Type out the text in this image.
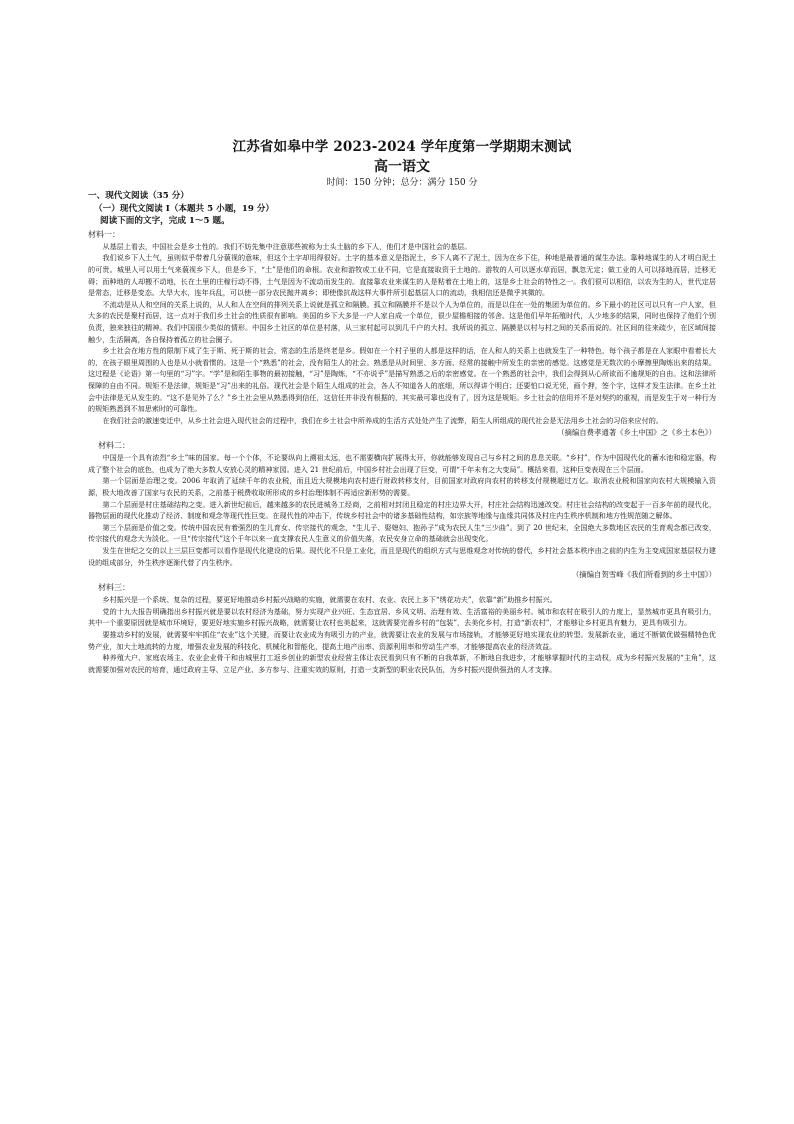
江苏省如皋中学 2023-2024 学年度第一学期期末测试
高一语文
时间：150 分钟；总分：满分 150 分
一、现代文阅读（35 分）
（一）现代文阅读 I（本题共 5 小题，19 分）
阅读下面的文字，完成 1～5 题。
材料一：

从基层上看去，中国社会是乡土性的。我们不妨先集中注意那些被称为土头土脑的乡下人，他们才是中国社会的基层。

我们说乡下人土气，虽则似乎带着几分藐视的意味，但这个土字却用得很好。土字的基本意义是指泥土，乡下人离不了泥土，因为在乡下住，种地是最普通的谋生办法。靠种地谋生的人才明白泥土的可贵。城里人可以用土气来藐视乡下人，但是乡下，“土”是他们的命根。农业和游牧或工业不同，它是直接取资于土地的。游牧的人可以逐水草而居，飘忽无定；做工业的人可以择地而居，迁移无碍；而种地的人却搬不动地，长在土里的庄稼行动不得，土气是因为不流动而发生的。直接靠农业来谋生的人是粘着在土地上的，这是乡土社会的特性之一。我们很可以相信，以农为生的人，世代定居是常态，迁移是变态。大旱大水，连年兵乱，可以使一部分农民抛井离乡；即使像抗战这样大事件所引起基层人口的流动，我相信还是微乎其微的。

不流动是从人和空间的关系上说的，从人和人在空间的排列关系上说就是孤立和隔膜。孤立和隔膜并不是以个人为单位的，而是以住在一处的集团为单位的。乡下最小的社区可以只有一户人家，但大多的农民是聚村而居，这一点对于我们乡土社会的性质很有影响。美国的乡下大多是一户人家自成一个单位，很少屋檐相接的邻舍。这是他们早年拓殖时代，人少地多的结果，同时也保持了他们个别负责，独来独往的精神。我们中国很少类似的情形。中国乡土社区的单位是村落，从三家村起可以到几千户的大村。我所说的孤立、隔膜是以村与村之间的关系而说的。社区间的往来疏少，在区域间接触少，生活隔离，各自保持着孤立的社会圈子。

乡土社会在地方性的限制下成了生于斯、死于斯的社会，常态的生活是终老是乡。假如在一个村子里的人都是这样的话，在人和人的关系上也就发生了一种特色，每个孩子都是在人家眼中看着长大的，在孩子眼里周围的人也是从小就看惯的。这是一个“熟悉”的社会，没有陌生人的社会。熟悉是从时间里、多方面、经常的接触中所发生的亲密的感觉。这感觉是无数次的小摩擦里陶炼出来的结果。这过程是《论语》第一句里的“习”字。“学”是和陌生事物的最初接触，“习”是陶炼，“不亦说乎”是描写熟悉之后的亲密感觉。在一个熟悉的社会中，我们会得到从心所欲而不逾规矩的自由。这和法律所保障的自由不同。规矩不是法律，规矩是“习”出来的礼俗。现代社会是个陌生人组成的社会，各人不知道各人的底细，所以得讲个明白；还要怕口说无凭，画个押，签个字，这样才发生法律。在乡土社会中法律是无从发生的。“这不是见外了么？”乡土社会里从熟悉得到信任，这信任并非没有根据的，其实最可靠也没有了，因为这是规矩。乡土社会的信用并不是对契约的重视，而是发生于对一种行为的规矩熟悉到不加思索时的可靠性。

在我们社会的激速变迁中，从乡土社会进入现代社会的过程中，我们在乡土社会中所养成的生活方式处处产生了流弊，陌生人所组成的现代社会是无法用乡土社会的习俗来应付的。

（摘编自费孝通著《乡土中国》之《乡土本色》）
材料二：

中国是一个具有浓烈“乡土”味的国家。每一个个体，不论要纵向上溯祖太远，也不需要横向扩展得太开，你就能够发现自己与乡村之间的息息关联。“乡村”，作为中国现代化的蓄水池和稳定器，构成了整个社会的底色，也成为了绝大多数人安放心灵的精神家园。进入 21 世纪前后，中国乡村社会出现了巨变，可谓“千年未有之大变局”。概括来看，这种巨变表现在三个层面。

第一个层面是治理之变。2006 年取消了延续千年的农业税，而且近大规模地向农村进行财政转移支付，目前国家对政府向农村的转移支付规模超过万亿。取消农业税和国家向农村大规模输入资源，极大地改善了国家与农民的关系，之前基于税费收取所形成的乡村治理体制不再适应新形势的需要。

第二个层面是村庄基础结构之变。进入新世纪前后，越来越多的农民进城务工经商，之前相对封闭且稳定的村庄边界大开，村庄社会结构迅速改变。村庄社会结构的改变起于一百多年前的现代化，器物层面的现代化推动了经济、制度和观念等现代性巨变。在现代性的冲击下，传统乡村社会中的诸多基础性结构，如宗族等地缘与血缘共同体及村庄内生秩序机制和地方性规范随之解体。

第三个层面是价值之变。传统中国农民有着强烈的生儿育女、传宗接代的观念，“生儿子、娶媳妇、抱孙子”成为农民人生“三少曲”。到了 20 世纪末，全国绝大多数地区农民的生育观念都已改变，传宗接代的观念大为淡化。一旦“传宗接代”这个千年以来一直支撑农民人生意义的价值失落，农民安身立命的基础就会出现变化。

发生在世纪之交的以上三层巨变都可以看作是现代化建设的后果。现代化不只是工业化，而且是现代的组织方式与思维观念对传统的替代，乡村社会基本秩序由之前的内生为主变成国家基层权力建设的组成部分，外生秩序逐渐代替了内生秩序。

（摘编自贺雪峰《我们所看到的乡土中国》）
材料三：

乡村振兴是一个系统、复杂的过程，要更好地推动乡村振兴战略的实施，就需要在农村、农业、农民上多下“绣花功夫”，依靠“新”助推乡村振兴。

党的十九大报告明确指出乡村振兴就是要以农村经济为基础，努力实现产业兴旺、生态宜居、乡风文明、治理有效、生活富裕的美丽乡村。城市和农村在吸引人的力度上，显然城市更具有吸引力，其中一个重要原因就是城市环境好，要更好地实施乡村振兴战略，就需要让农村也美起来，这就需要完善乡村的“包装”，去美化乡村，打造“新农村”，才能够让乡村更具有魅力，更具有吸引力。

要推动乡村的发展，就需要牢牢抓住“农业”这个关键，而要让农业成为有吸引力的产业，就需要让农业的发展与市场接轨，才能够更好地实现农业的转型。发展新农业，通过不断做优做强精特色优势产业，加大土地流转的力度，增强农业发展的科技化、机械化和智能化，提高土地产出率、资源利用率和劳动生产率，才能够提高农业的经济效益。

种养殖大户、家庭农场主、农业企业骨干和由城里打工返乡创业的新型农业经营主体让农民看到只有不断的自我革新，不断地自我进步，才能够掌握时代的主动权，成为乡村振兴发展的“主角”，这就需要加强对农民的培育，通过政府主导、立足产业、多方参与、注重实效的原则，打造一支新型的职业农民队伍，为乡村振兴提供强劲的人才支撑。
